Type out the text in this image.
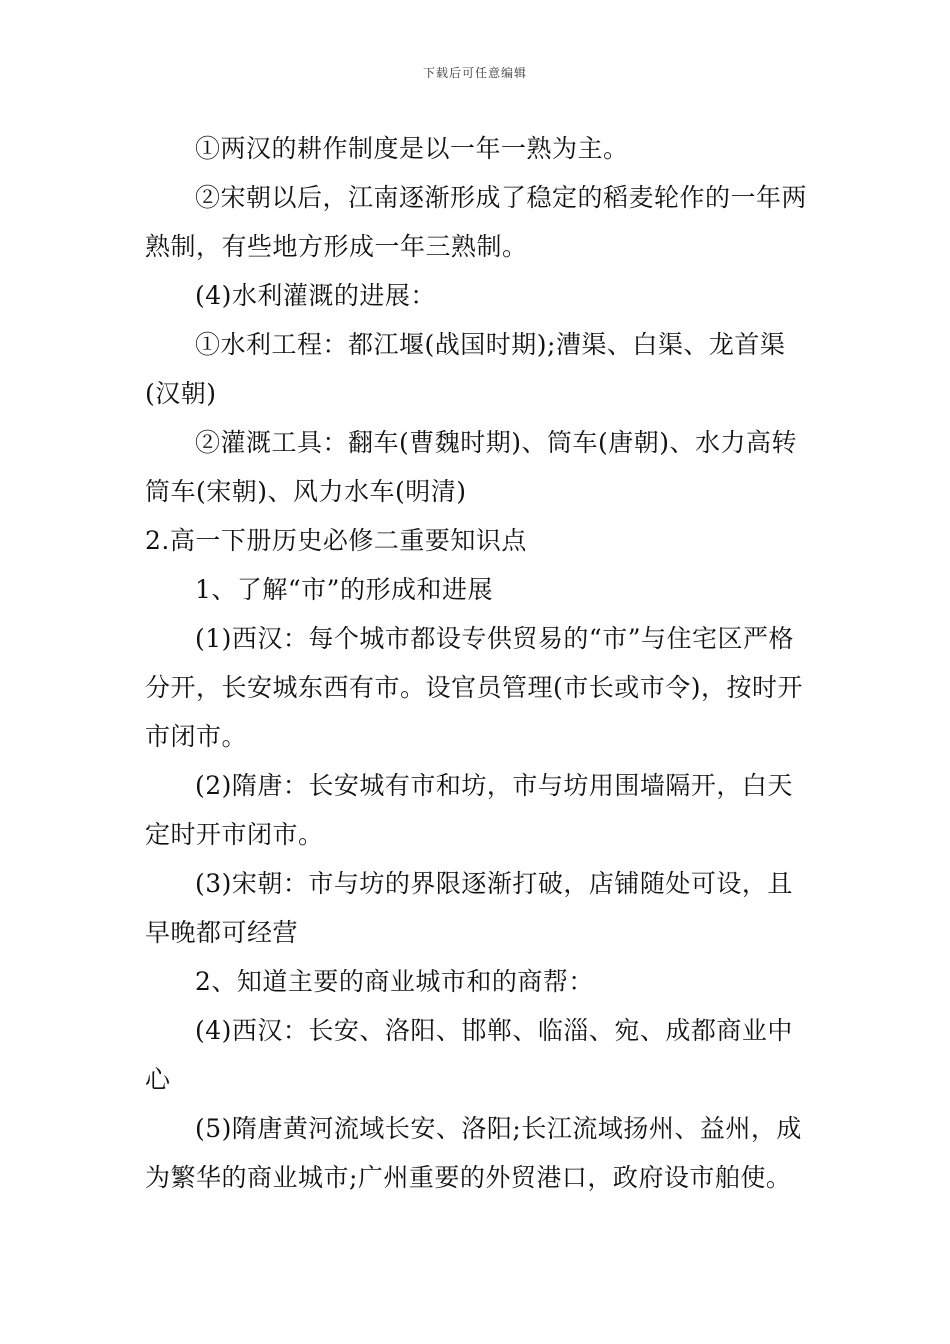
下载后可任意编辑

①两汉的耕作制度是以一年一熟为主。

②宋朝以后，江南逐渐形成了稳定的稻麦轮作的一年两熟制，有些地方形成一年三熟制。

(4)水利灌溉的进展：

①水利工程：都江堰(战国时期);漕渠、白渠、龙首渠(汉朝)

②灌溉工具：翻车(曹魏时期)、筒车(唐朝)、水力高转筒车(宋朝)、风力水车(明清)

2.高一下册历史必修二重要知识点

1、了解“市”的形成和进展

(1)西汉：每个城市都设专供贸易的“市”与住宅区严格分开，长安城东西有市。设官员管理(市长或市令)，按时开市闭市。

(2)隋唐：长安城有市和坊，市与坊用围墙隔开，白天定时开市闭市。

(3)宋朝：市与坊的界限逐渐打破，店铺随处可设，且早晚都可经营

2、知道主要的商业城市和的商帮：

(4)西汉：长安、洛阳、邯郸、临淄、宛、成都商业中心

(5)隋唐黄河流域长安、洛阳;长江流域扬州、益州，成为繁华的商业城市;广州重要的外贸港口，政府设市舶使。
